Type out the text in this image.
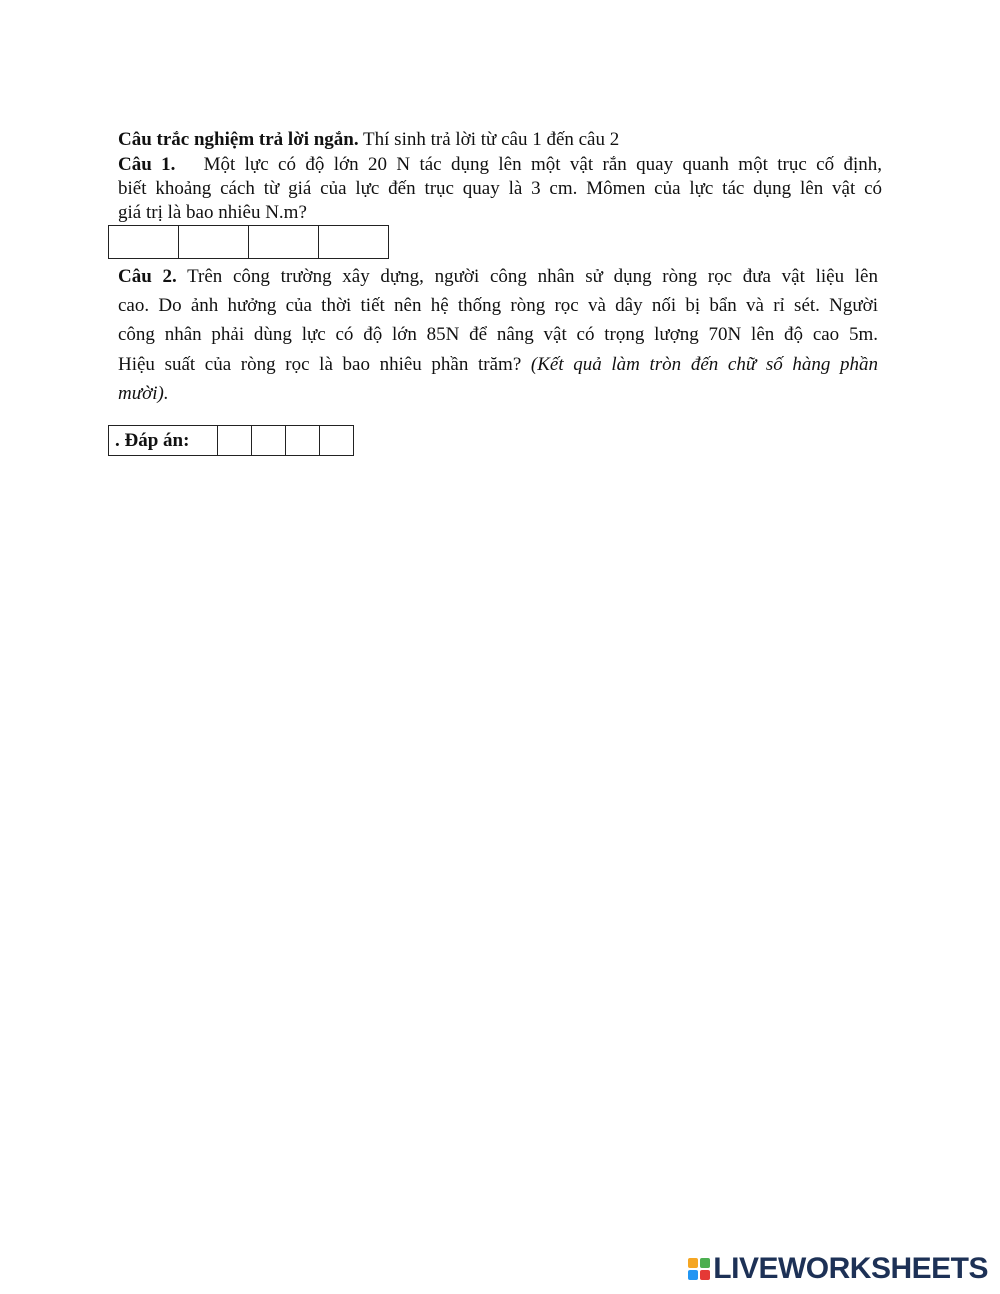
Câu trắc nghiệm trả lời ngắn. Thí sinh trả lời từ câu 1 đến câu 2
Câu 1. Một lực có độ lớn 20 N tác dụng lên một vật rắn quay quanh một trục cố định,
biết khoảng cách từ giá của lực đến trục quay là 3 cm. Mômen của lực tác dụng lên vật có
giá trị là bao nhiêu N.m?

Câu 2. Trên công trường xây dựng, người công nhân sử dụng ròng rọc đưa vật liệu lên
cao. Do ảnh hưởng của thời tiết nên hệ thống ròng rọc và dây nối bị bẩn và rỉ sét. Người
công nhân phải dùng lực có độ lớn 85N để nâng vật có trọng lượng 70N lên độ cao 5m.
Hiệu suất của ròng rọc là bao nhiêu phần trăm? (Kết quả làm tròn đến chữ số hàng phần
mười).
. Đáp án:				
LIVEWORKSHEETS
